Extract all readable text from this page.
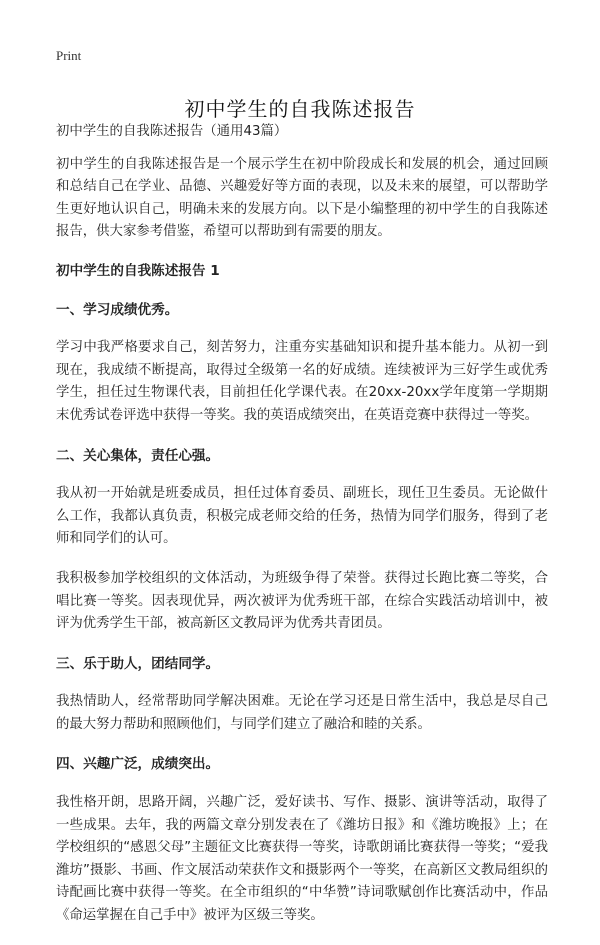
Print
初中学生的自我陈述报告

初中学生的自我陈述报告（通用43篇）

初中学生的自我陈述报告是一个展示学生在初中阶段成长和发展的机会，通过回顾和总结自己在学业、品德、兴趣爱好等方面的表现，以及未来的展望，可以帮助学生更好地认识自己，明确未来的发展方向。以下是小编整理的初中学生的自我陈述报告，供大家参考借鉴，希望可以帮助到有需要的朋友。

初中学生的自我陈述报告 1

一、学习成绩优秀。

学习中我严格要求自己，刻苦努力，注重夯实基础知识和提升基本能力。从初一到现在，我成绩不断提高，取得过全级第一名的好成绩。连续被评为三好学生或优秀学生，担任过生物课代表，目前担任化学课代表。在20xx-20xx学年度第一学期期末优秀试卷评选中获得一等奖。我的英语成绩突出，在英语竞赛中获得过一等奖。

二、关心集体，责任心强。

我从初一开始就是班委成员，担任过体育委员、副班长，现任卫生委员。无论做什么工作，我都认真负责，积极完成老师交给的任务，热情为同学们服务，得到了老师和同学们的认可。

我积极参加学校组织的文体活动，为班级争得了荣誉。获得过长跑比赛二等奖，合唱比赛一等奖。因表现优异，两次被评为优秀班干部，在综合实践活动培训中，被评为优秀学生干部，被高新区文教局评为优秀共青团员。

三、乐于助人，团结同学。

我热情助人，经常帮助同学解决困难。无论在学习还是日常生活中，我总是尽自己的最大努力帮助和照顾他们，与同学们建立了融洽和睦的关系。

四、兴趣广泛，成绩突出。

我性格开朗，思路开阔，兴趣广泛，爱好读书、写作、摄影、演讲等活动，取得了一些成果。去年，我的两篇文章分别发表在了《潍坊日报》和《潍坊晚报》上；在学校组织的“感恩父母”主题征文比赛获得一等奖，诗歌朗诵比赛获得一等奖；“爱我潍坊”摄影、书画、作文展活动荣获作文和摄影两个一等奖，在高新区文教局组织的诗配画比赛中获得一等奖。在全市组织的“中华赞”诗词歌赋创作比赛活动中，作品《命运掌握在自己手中》被评为区级三等奖。
